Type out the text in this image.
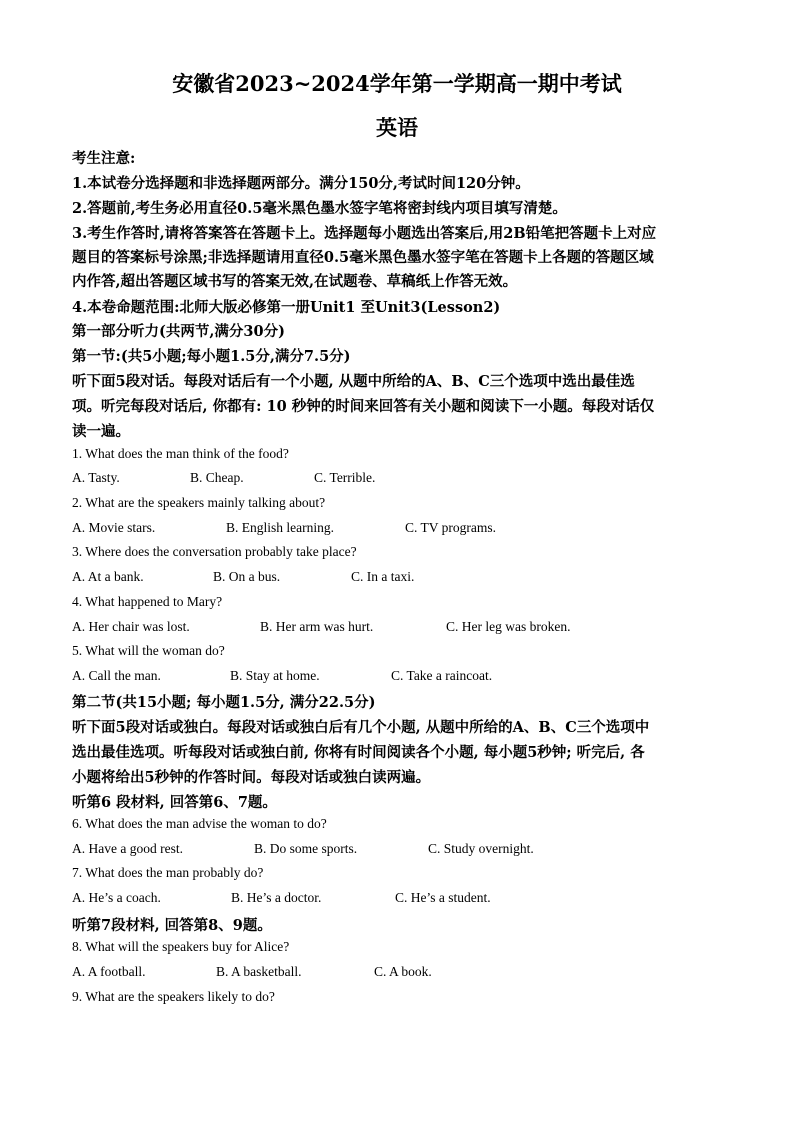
安徽省2023~2024学年第一学期高一期中考试
英语
考生注意:
1.本试卷分选择题和非选择题两部分。满分150分,考试时间120分钟。
2.答题前,考生务必用直径0.5毫米黑色墨水签字笔将密封线内项目填写清楚。
3.考生作答时,请将答案答在答题卡上。选择题每小题选出答案后,用2B铅笔把答题卡上对应
题目的答案标号涂黑;非选择题请用直径0.5毫米黑色墨水签字笔在答题卡上各题的答题区域
内作答,超出答题区域书写的答案无效,在试题卷、草稿纸上作答无效。
4.本卷命题范围:北师大版必修第一册Unit1 至Unit3(Lesson2)
第一部分听力(共两节,满分30分)
第一节:(共5小题;每小题1.5分,满分7.5分)
听下面5段对话。每段对话后有一个小题, 从题中所给的A、B、C三个选项中选出最佳选
项。听完每段对话后, 你都有: 10 秒钟的时间来回答有关小题和阅读下一小题。每段对话仅
读一遍。
1. What does the man think of the food?
A. Tasty.	B. Cheap.	C. Terrible.
2. What are the speakers mainly talking about?
A. Movie stars.	B. English learning.	C. TV programs.
3. Where does the conversation probably take place?
A. At a bank.	B. On a bus.	C. In a taxi.
4. What happened to Mary?
A. Her chair was lost.	B. Her arm was hurt.	C. Her leg was broken.
5. What will the woman do?
A. Call the man.	B. Stay at home.	C. Take a raincoat.
第二节(共15小题; 每小题1.5分, 满分22.5分)
听下面5段对话或独白。每段对话或独白后有几个小题, 从题中所给的A、B、C三个选项中
选出最佳选项。听每段对话或独白前, 你将有时间阅读各个小题, 每小题5秒钟; 听完后, 各
小题将给出5秒钟的作答时间。每段对话或独白读两遍。
听第6 段材料, 回答第6、7题。
6. What does the man advise the woman to do?
A. Have a good rest.	B. Do some sports.	C. Study overnight.
7. What does the man probably do?
A. He’s a coach.	B. He’s a doctor.	C. He’s a student.
听第7段材料, 回答第8、9题。
8. What will the speakers buy for Alice?
A. A football.	B. A basketball.	C. A book.
9. What are the speakers likely to do?
